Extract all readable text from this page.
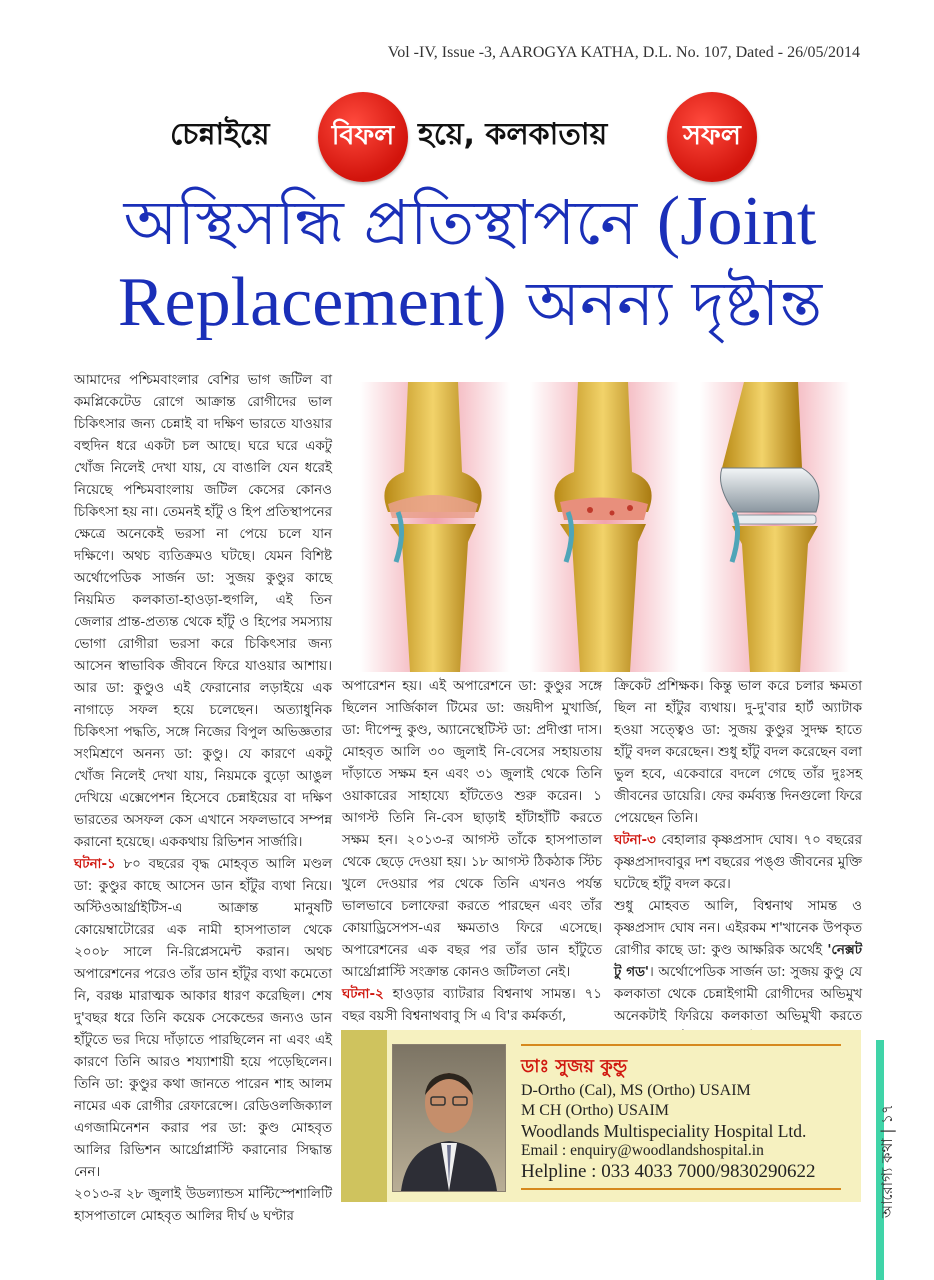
Vol -IV, Issue -3, AAROGYA KATHA, D.L. No. 107, Dated - 26/05/2014
চেন্নাইয়ে	বিফল হয়ে, কলকাতায়	সফল
অস্থিসন্ধি প্রতিস্থাপনে (Joint
Replacement) অনন্য দৃষ্টান্ত

আমাদের পশ্চিমবাংলার বেশির ভাগ জটিল বা কমপ্লিকেটেড রোগে আক্রান্ত রোগীদের ভাল চিকিৎসার জন্য চেন্নাই বা দক্ষিণ ভারতে যাওয়ার বহুদিন ধরে একটা চল আছে। ঘরে ঘরে একটু খোঁজ নিলেই দেখা যায়, যে বাঙালি যেন ধরেই নিয়েছে পশ্চিমবাংলায় জটিল কেসের কোনও চিকিৎসা হয় না। তেমনই হাঁটু ও হিপ প্রতিস্থাপনের ক্ষেত্রে অনেকেই ভরসা না পেয়ে চলে যান দক্ষিণে। অথচ ব্যতিক্রমও ঘটছে। যেমন বিশিষ্ট অর্থোপেডিক সার্জন ডা: সুজয় কুণ্ডুর কাছে নিয়মিত কলকাতা-হাওড়া-হুগলি, এই তিন জেলার প্রান্ত-প্রত্যন্ত থেকে হাঁটু ও হিপের সমস্যায় ভোগা রোগীরা ভরসা করে চিকিৎসার জন্য আসেন স্বাভাবিক জীবনে ফিরে যাওয়ার আশায়। আর ডা: কুণ্ডুও এই ফেরানোর লড়াইয়ে এক নাগাড়ে সফল হয়ে চলেছেন। অত্যাধুনিক চিকিৎসা পদ্ধতি, সঙ্গে নিজের বিপুল অভিজ্ঞতার সংমিশ্রণে অনন্য ডা: কুণ্ডু। যে কারণে একটু খোঁজ নিলেই দেখা যায়, নিয়মকে বুড়ো আঙুল দেখিয়ে এক্সেপেশন হিসেবে চেন্নাইয়ের বা দক্ষিণ ভারতের অসফল কেস এখানে সফলভাবে সম্পন্ন করানো হয়েছে। এককথায় রিভিশন সার্জারি।

ঘটনা-১ ৮০ বছরের বৃদ্ধ মোহবৃত আলি মণ্ডল ডা: কুণ্ডুর কাছে আসেন ডান হাঁটুর ব্যথা নিয়ে। অস্টিওআর্থ্রাইটিস-এ আক্রান্ত মানুষটি কোয়েম্বাটোরের এক নামী হাসপাতাল থেকে ২০০৮ সালে নি-রিপ্লেসমেন্ট করান। অথচ অপারেশনের পরেও তাঁর ডান হাঁটুর ব্যথা কমেতো নি, বরঞ্চ মারাত্মক আকার ধারণ করেছিল। শেষ দু'বছর ধরে তিনি কয়েক সেকেন্ডের জন্যও ডান হাঁটুতে ভর দিয়ে দাঁড়াতে পারছিলেন না এবং এই কারণে তিনি আরও শয্যাশায়ী হয়ে পড়েছিলেন। তিনি ডা: কুণ্ডুর কথা জানতে পারেন শাহ আলম নামের এক রোগীর রেফারেন্সে। রেডিওলজিক্যাল এগজামিনেশন করার পর ডা: কুণ্ড মোহবৃত আলির রিভিশন আর্থ্রোপ্লাস্টি করানোর সিদ্ধান্ত নেন।

২০১৩-র ২৮ জুলাই উডল্যান্ডস মাল্টিস্পেশালিটি হাসপাতালে মোহবৃত আলির দীর্ঘ ৬ ঘণ্টার

অপারেশন হয়। এই অপারেশনে ডা: কুণ্ডুর সঙ্গে ছিলেন সার্জিকাল টিমের ডা: জয়দীপ মুখার্জি, ডা: দীপেন্দু কুণ্ড, অ্যানেস্থেটিস্ট ডা: প্রদীপ্তা দাস। মোহবৃত আলি ৩০ জুলাই নি-বেসের সহায়তায় দাঁড়াতে সক্ষম হন এবং ৩১ জুলাই থেকে তিনি ওয়াকারের সাহায্যে হাঁটতেও শুরু করেন। ১ আগস্ট তিনি নি-বেস ছাড়াই হাঁটাহাঁটি করতে সক্ষম হন। ২০১৩-র আগস্ট তাঁকে হাসপাতাল থেকে ছেড়ে দেওয়া হয়। ১৮ আগস্ট ঠিকঠাক স্টিচ খুলে দেওয়ার পর থেকে তিনি এখনও পর্যন্ত ভালভাবে চলাফেরা করতে পারছেন এবং তাঁর কোয়াড্রিসেপস-এর ক্ষমতাও ফিরে এসেছে। অপারেশনের এক বছর পর তাঁর ডান হাঁটুতে আর্থ্রোপ্লাস্টি সংক্রান্ত কোনও জটিলতা নেই।

ঘটনা-২ হাওড়ার ব্যাটরার বিশ্বনাথ সামন্ত। ৭১ বছর বয়সী বিশ্বনাথবাবু সি এ বি'র কর্মকর্তা,

ক্রিকেট প্রশিক্ষক। কিন্তু ভাল করে চলার ক্ষমতা ছিল না হাঁটুর ব্যথায়। দু-দু'বার হার্ট অ্যাটাক হওয়া সত্ত্বেও ডা: সুজয় কুণ্ডুর সুদক্ষ হাতে হাঁটু বদল করেছেন। শুধু হাঁটু বদল করেছেন বলা ভুল হবে, একেবারে বদলে গেছে তাঁর দুঃসহ জীবনের ডায়েরি। ফের কর্মব্যস্ত দিনগুলো ফিরে পেয়েছেন তিনি।

ঘটনা-৩ বেহালার কৃষ্ণপ্রসাদ ঘোষ। ৭০ বছরের কৃষ্ণপ্রসাদবাবুর দশ বছরের পঙ্গু জীবনের মুক্তি ঘটেছে হাঁটু বদল করে।

শুধু মোহবত আলি, বিশ্বনাথ সামন্ত ও কৃষ্ণপ্রসাদ ঘোষ নন। এইরকম শ'খানেক উপকৃত রোগীর কাছে ডা: কুণ্ড আক্ষরিক অর্থেই 'নেক্সট টু গড'। অর্থোপেডিক সার্জন ডা: সুজয় কুণ্ডু যে কলকাতা থেকে চেন্নাইগামী রোগীদের অভিমুখ অনেকটাই ফিরিয়ে কলকাতা অভিমুখী করতে

ডাঃ সুজয় কুন্ডু
D-Ortho (Cal), MS (Ortho) USAIM
M CH (Ortho) USAIM
Woodlands Multispeciality Hospital Ltd.
Email : enquiry@woodlandshospital.in
Helpline : 033 4033 7000/9830290622	আরোগ্য কথা | ১৭
